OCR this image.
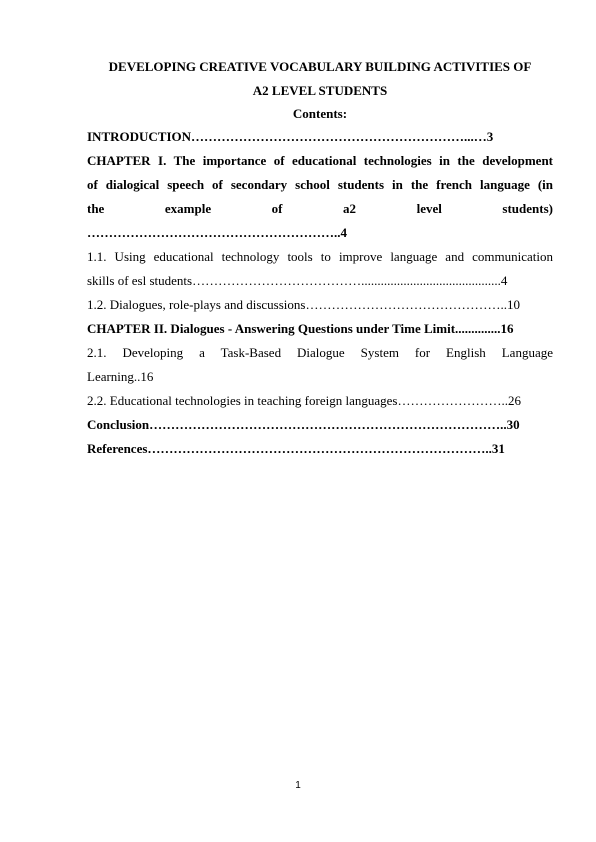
DEVELOPING CREATIVE VOCABULARY BUILDING ACTIVITIES OF

A2 LEVEL STUDENTS

Contents:

INTRODUCTION………………………………………………………...…3

CHAPTER I. The importance of educational technologies in the development

of dialogical speech of secondary school students in the french language (in

the	example	of	a2	level	students)

…………………………………………………..4

1.1. Using educational technology tools to improve language and communication

skills of esl students…………………………………...........................................4

1.2. Dialogues, role-plays and discussions………………………………………..10

CHAPTER II. Dialogues - Answering Questions under Time Limit..............16

2.1. Developing a Task-Based Dialogue System for English Language

Learning..16

2.2. Educational technologies in teaching foreign languages……………………..26

Conclusion………………………………………………………………………..30

References……………………………………………………………………..31

1
